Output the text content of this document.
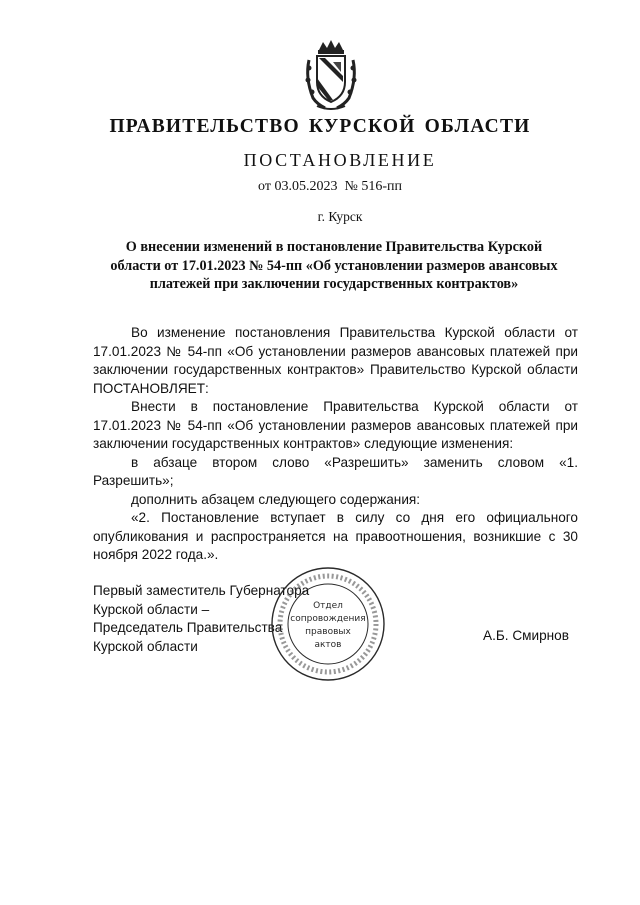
ПРАВИТЕЛЬСТВО КУРСКОЙ ОБЛАСТИ
ПОСТАНОВЛЕНИЕ
от 03.05.2023  № 516-пп
г. Курск
О внесении изменений в постановление Правительства Курской
области от 17.01.2023 № 54-пп «Об установлении размеров авансовых
платежей при заключении государственных контрактов»

Во изменение постановления Правительства Курской области от 17.01.2023 № 54-пп «Об установлении размеров авансовых платежей при заключении государственных контрактов» Правительство Курской области ПОСТАНОВЛЯЕТ:

Внести в постановление Правительства Курской области от 17.01.2023 № 54-пп «Об установлении размеров авансовых платежей при заключении государственных контрактов» следующие изменения:

в абзаце втором слово «Разрешить» заменить словом «1. Разрешить»;

дополнить абзацем следующего содержания:

«2. Постановление вступает в силу со дня его официального опубликования и распространяется на правоотношения, возникшие с 30 ноября 2022 года.».

Первый заместитель Губернатора
Курской области –
Председатель Правительства
Курской области
Отдел
сопровождения
правовых
актов
А.Б. Смирнов
